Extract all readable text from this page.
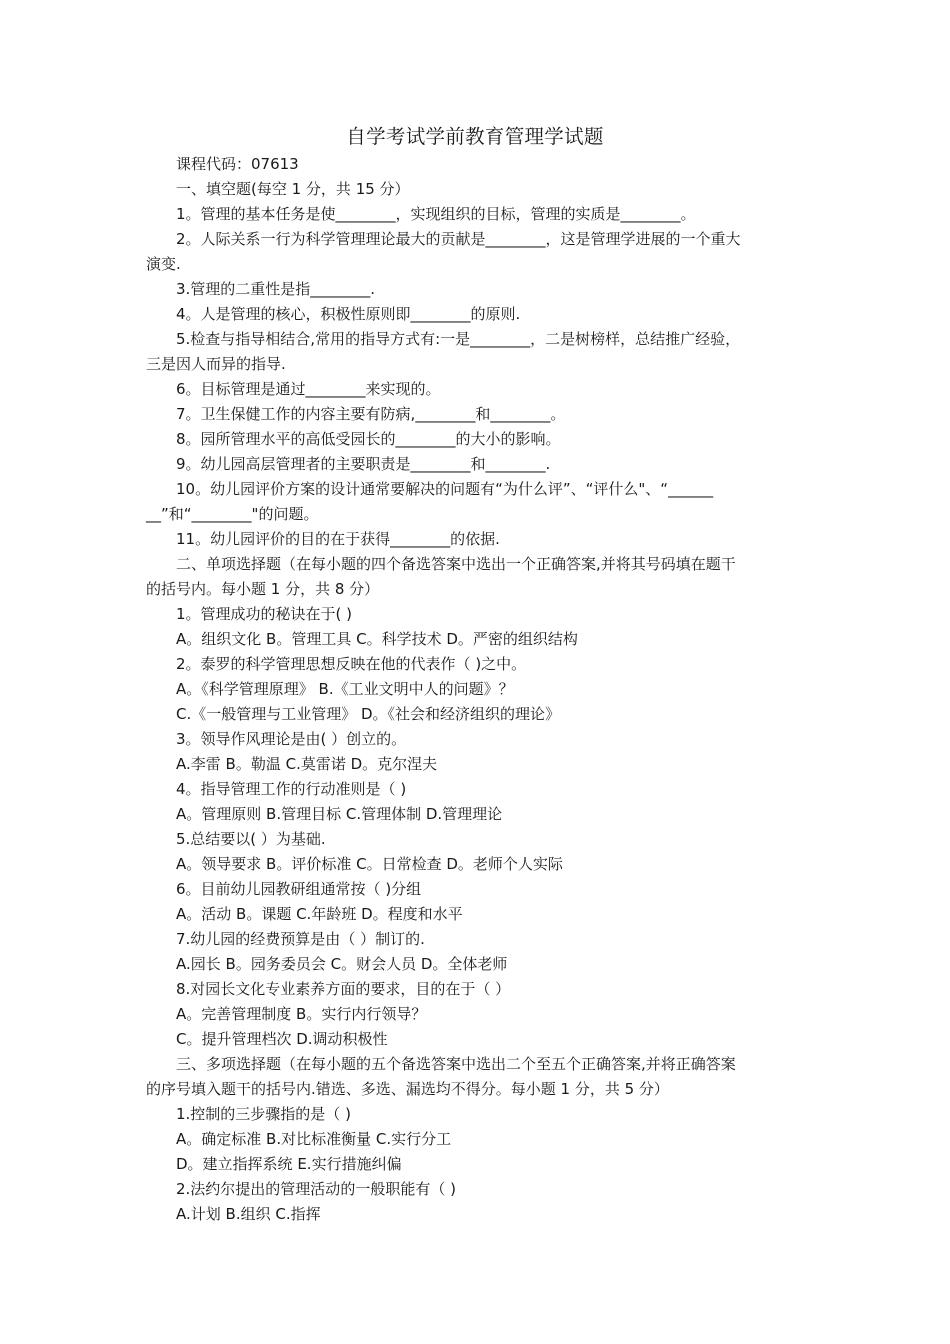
自学考试学前教育管理学试题
课程代码：07613
一、填空题(每空 1 分，共 15 分）
1。管理的基本任务是使________，实现组织的目标，管理的实质是________。
2。人际关系一行为科学管理理论最大的贡献是________，这是管理学进展的一个重大
演变.
3.管理的二重性是指________.
4。人是管理的核心，积极性原则即________的原则.
5.检查与指导相结合,常用的指导方式有:一是________，二是树榜样，总结推广经验，
三是因人而异的指导.
6。目标管理是通过________来实现的。
7。卫生保健工作的内容主要有防病,________和________。
8。园所管理水平的高低受园长的________的大小的影响。
9。幼儿园高层管理者的主要职责是________和________.
10。幼儿园评价方案的设计通常要解决的问题有“为什么评”、“评什么"、“______
__”和“________"的问题。
11。幼儿园评价的目的在于获得________的依据.
二、单项选择题（在每小题的四个备选答案中选出一个正确答案,并将其号码填在题干
的括号内。每小题 1 分，共 8 分）
1。管理成功的秘诀在于( )
A。组织文化 B。管理工具 C。科学技术 D。严密的组织结构
2。泰罗的科学管理思想反映在他的代表作（ )之中。
A。《科学管理原理》 B.《工业文明中人的问题》？
C.《一般管理与工业管理》 D。《社会和经济组织的理论》
3。领导作风理论是由( ）创立的。
A.李雷 B。勒温 C.莫雷诺 D。克尔涅夫
4。指导管理工作的行动准则是（ )
A。管理原则 B.管理目标 C.管理体制 D.管理理论
5.总结要以( ）为基础.
A。领导要求 B。评价标准 C。日常检查 D。老师个人实际
6。目前幼儿园教研组通常按（ )分组
A。活动 B。课题 C.年龄班 D。程度和水平
7.幼儿园的经费预算是由（ ）制订的.
A.园长 B。园务委员会 C。财会人员 D。全体老师
8.对园长文化专业素养方面的要求，目的在于（ ）
A。完善管理制度 B。实行内行领导？
C。提升管理档次 D.调动积极性
三、多项选择题（在每小题的五个备选答案中选出二个至五个正确答案,并将正确答案
的序号填入题干的括号内.错选、多选、漏选均不得分。每小题 1 分，共 5 分）
1.控制的三步骤指的是（ )
A。确定标准 B.对比标准衡量 C.实行分工
D。建立指挥系统 E.实行措施纠偏
2.法约尔提出的管理活动的一般职能有（ )
A.计划 B.组织 C.指挥
